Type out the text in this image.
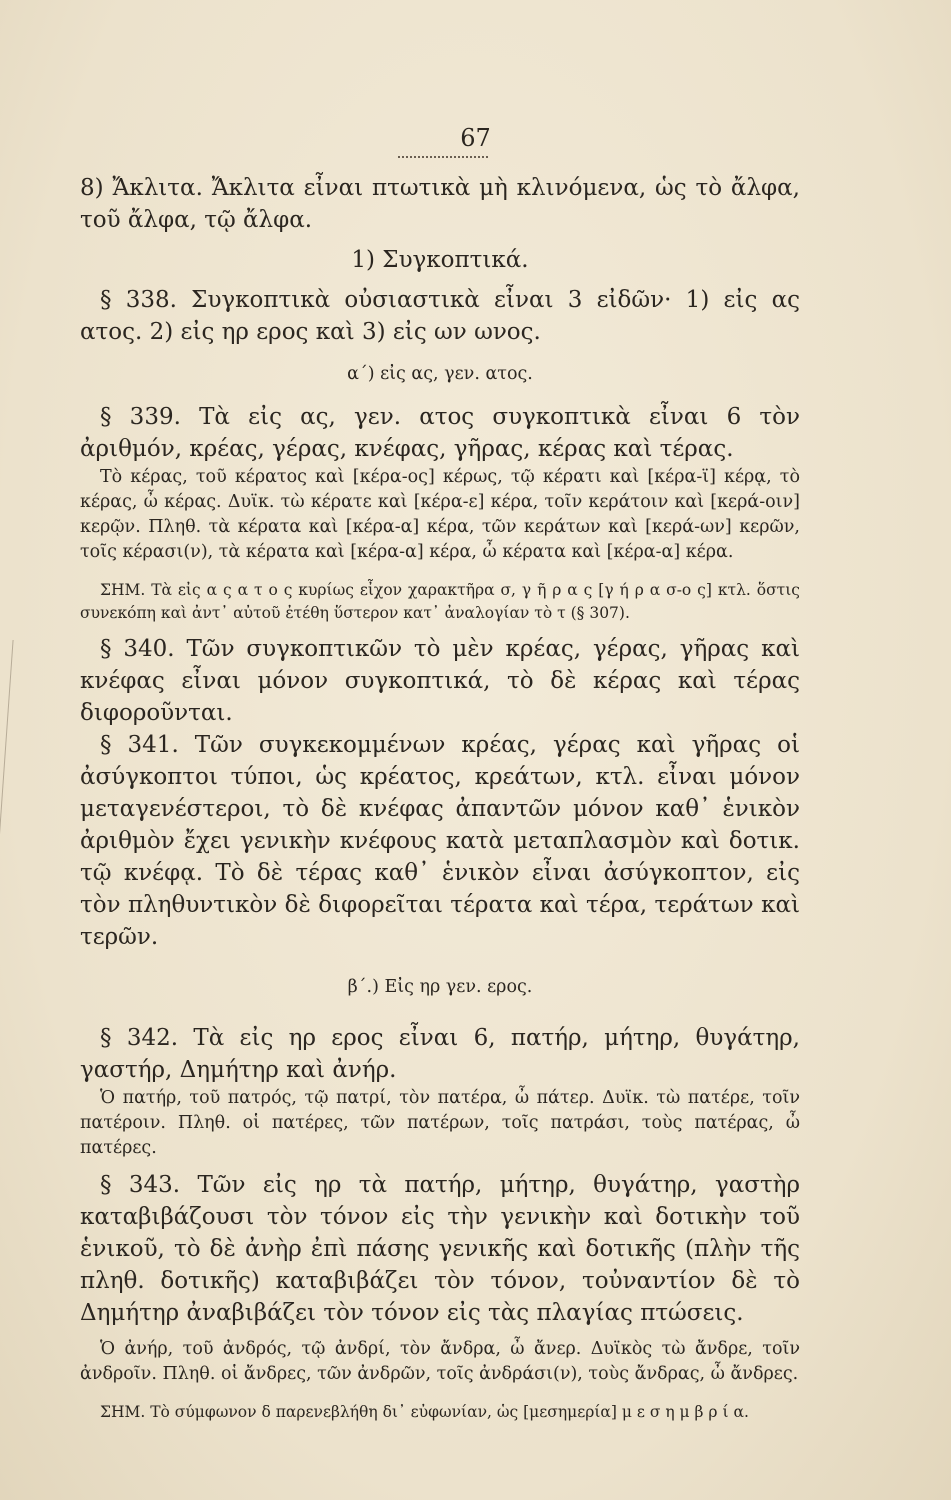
67

8) Ἄκλιτα. Ἄκλιτα εἶναι πτωτικὰ μὴ κλινόμενα, ὡς τὸ ἄλφα, τοῦ ἄλφα, τῷ ἄλφα.

1) Συγκοπτικά.

§ 338. Συγκοπτικὰ οὐσιαστικὰ εἶναι 3 εἰδῶν· 1) εἰς ας ατος. 2) εἰς ηρ ερος καὶ 3) εἰς ων ωνος.

α΄) εἰς ας, γεν. ατος.

§ 339. Τὰ εἰς ας, γεν. ατος συγκοπτικὰ εἶναι 6 τὸν ἀριθμόν, κρέας, γέρας, κνέφας, γῆρας, κέρας καὶ τέρας.

Τὸ κέρας, τοῦ κέρατος καὶ [κέρα-ος] κέρως, τῷ κέρατι καὶ [κέρα-ϊ] κέρᾳ, τὸ κέρας, ὦ κέρας. Δυϊκ. τὼ κέρατε καὶ [κέρα-ε] κέρα, τοῖν κεράτοιν καὶ [κερά-οιν] κερῷν. Πληθ. τὰ κέρατα καὶ [κέρα-α] κέρα, τῶν κεράτων καὶ [κερά-ων] κερῶν, τοῖς κέρασι(ν), τὰ κέρατα καὶ [κέρα-α] κέρα, ὦ κέρατα καὶ [κέρα-α] κέρα.

ΣΗΜ. Τὰ εἰς α ς α τ ο ς κυρίως εἶχον χαρακτῆρα σ, γ ῆ ρ α ς [γ ή ρ α σ-ο ς] κτλ. ὅστις συνεκόπη καὶ ἀντ᾽ αὐτοῦ ἐτέθη ὕστερον κατ᾽ ἀναλογίαν τὸ τ (§ 307).

§ 340. Τῶν συγκοπτικῶν τὸ μὲν κρέας, γέρας, γῆρας καὶ κνέφας εἶναι μόνον συγκοπτικά, τὸ δὲ κέρας καὶ τέρας διφοροῦνται.

§ 341. Τῶν συγκεκομμένων κρέας, γέρας καὶ γῆρας οἱ ἀσύγκοπτοι τύποι, ὡς κρέατος, κρεάτων, κτλ. εἶναι μόνον μεταγενέστεροι, τὸ δὲ κνέφας ἀπαντῶν μόνον καθ᾽ ἑνικὸν ἀριθμὸν ἔχει γενικὴν κνέφους κατὰ μεταπλασμὸν καὶ δοτικ. τῷ κνέφᾳ. Τὸ δὲ τέρας καθ᾽ ἑνικὸν εἶναι ἀσύγκοπτον, εἰς τὸν πληθυντικὸν δὲ διφορεῖται τέρατα καὶ τέρα, τεράτων καὶ τερῶν.

β΄.) Εἰς ηρ γεν. ερος.

§ 342. Τὰ εἰς ηρ ερος εἶναι 6, πατήρ, μήτηρ, θυγάτηρ, γαστήρ, Δημήτηρ καὶ ἀνήρ.

Ὁ πατήρ, τοῦ πατρός, τῷ πατρί, τὸν πατέρα, ὦ πάτερ. Δυϊκ. τὼ πατέρε, τοῖν πατέροιν. Πληθ. οἱ πατέρες, τῶν πατέρων, τοῖς πατράσι, τοὺς πατέρας, ὦ πατέρες.

§ 343. Τῶν εἰς ηρ τὰ πατήρ, μήτηρ, θυγάτηρ, γαστὴρ καταβιβάζουσι τὸν τόνον εἰς τὴν γενικὴν καὶ δοτικὴν τοῦ ἑνικοῦ, τὸ δὲ ἀνὴρ ἐπὶ πάσης γενικῆς καὶ δοτικῆς (πλὴν τῆς πληθ. δοτικῆς) καταβιβάζει τὸν τόνον, τοὐναντίον δὲ τὸ Δημήτηρ ἀναβιβάζει τὸν τόνον εἰς τὰς πλαγίας πτώσεις.

Ὁ ἀνήρ, τοῦ ἀνδρός, τῷ ἀνδρί, τὸν ἄνδρα, ὦ ἄνερ. Δυϊκὸς τὼ ἄνδρε, τοῖν ἀνδροῖν. Πληθ. οἱ ἄνδρες, τῶν ἀνδρῶν, τοῖς ἀνδράσι(ν), τοὺς ἄνδρας, ὦ ἄνδρες.

ΣΗΜ. Τὸ σύμφωνον δ παρενεβλήθη δι᾽ εὐφωνίαν, ὡς [μεσημερία] μ ε σ η μ β ρ ί α.
